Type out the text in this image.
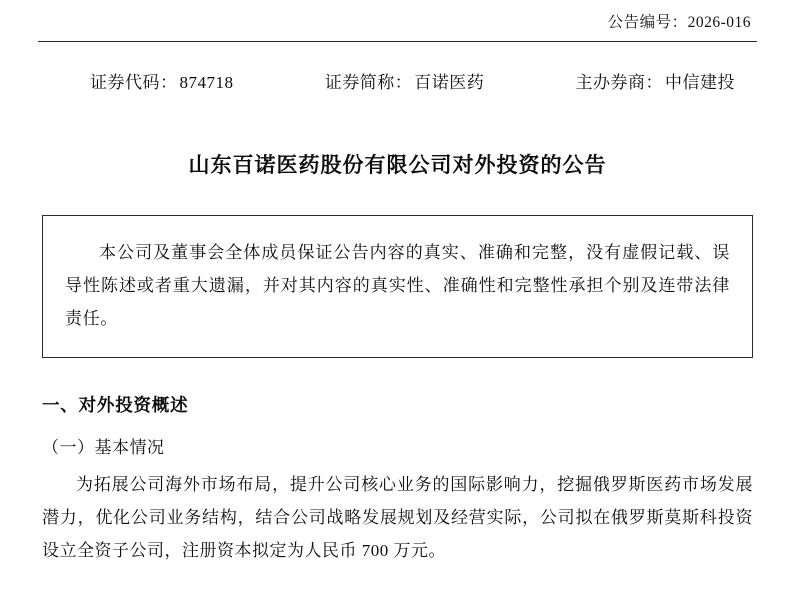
公告编号：2026-016
证券代码： 874718	证券简称： 百诺医药	主办券商： 中信建投
山东百诺医药股份有限公司对外投资的公告

本公司及董事会全体成员保证公告内容的真实、准确和完整，没有虚假记载、误导性陈述或者重大遗漏，并对其内容的真实性、准确性和完整性承担个别及连带法律责任。

一、对外投资概述
（一）基本情况
为拓展公司海外市场布局，提升公司核心业务的国际影响力，挖掘俄罗斯医药市场发展潜力，优化公司业务结构，结合公司战略发展规划及经营实际，公司拟在俄罗斯莫斯科投资设立全资子公司，注册资本拟定为人民币 700 万元。
